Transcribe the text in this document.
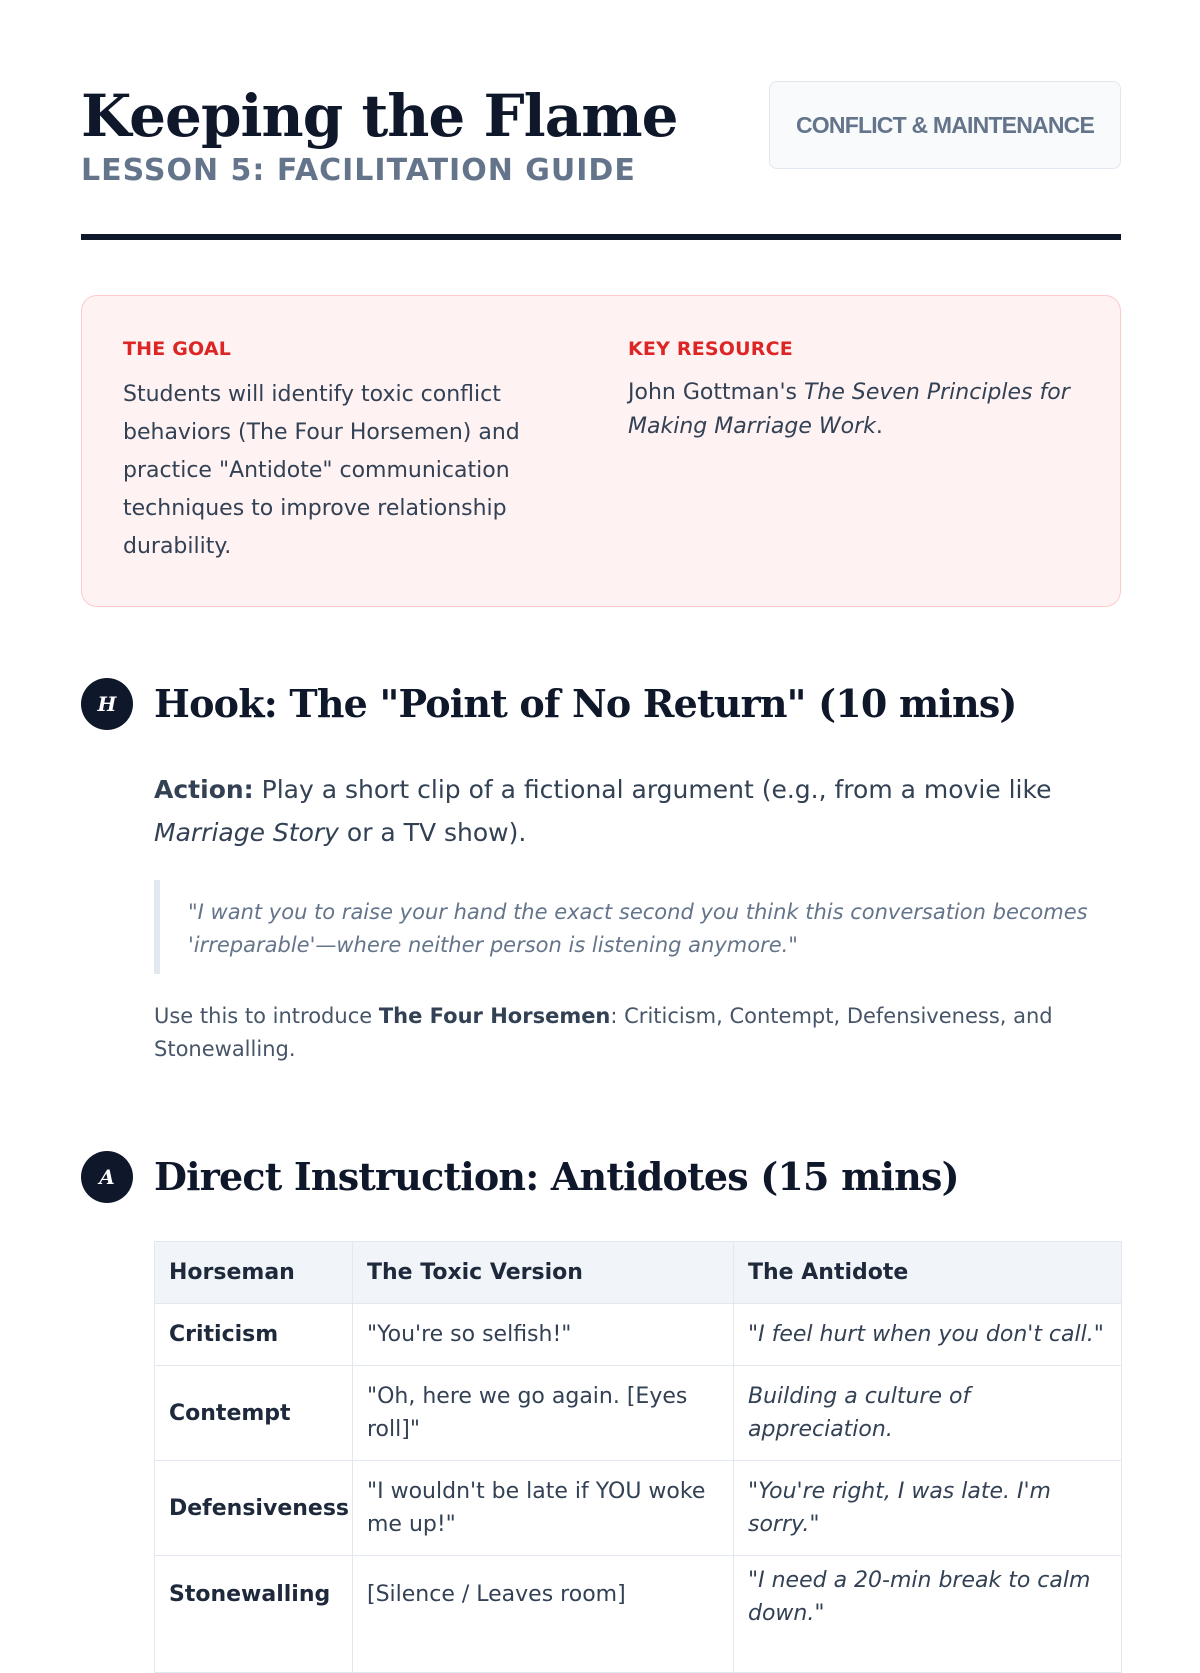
Keeping the Flame
LESSON 5: FACILITATION GUIDE
CONFLICT & MAINTENANCE
THE GOAL

Students will identify toxic conflict behaviors (The Four Horsemen) and practice "Antidote" communication techniques to improve relationship durability.

KEY RESOURCE

John Gottman's The Seven Principles for Making Marriage Work.

H Hook: The "Point of No Return" (10 mins)

Action: Play a short clip of a fictional argument (e.g., from a movie like Marriage Story or a TV show).

"I want you to raise your hand the exact second you think this conversation becomes 'irreparable'—where neither person is listening anymore."

Use this to introduce The Four Horsemen: Criticism, Contempt, Defensiveness, and Stonewalling.

A	Direct Instruction: Antidotes (15 mins)
Horseman	The Toxic Version	The Antidote
Criticism	"You're so selfish!"	"I feel hurt when you don't call."
Contempt	"Oh, here we go again. [Eyes roll]"	Building a culture of appreciation.
Defensiveness	"I wouldn't be late if YOU woke me up!"	"You're right, I was late. I'm sorry."
Stonewalling	[Silence / Leaves room]	"I need a 20-min break to calm down."
